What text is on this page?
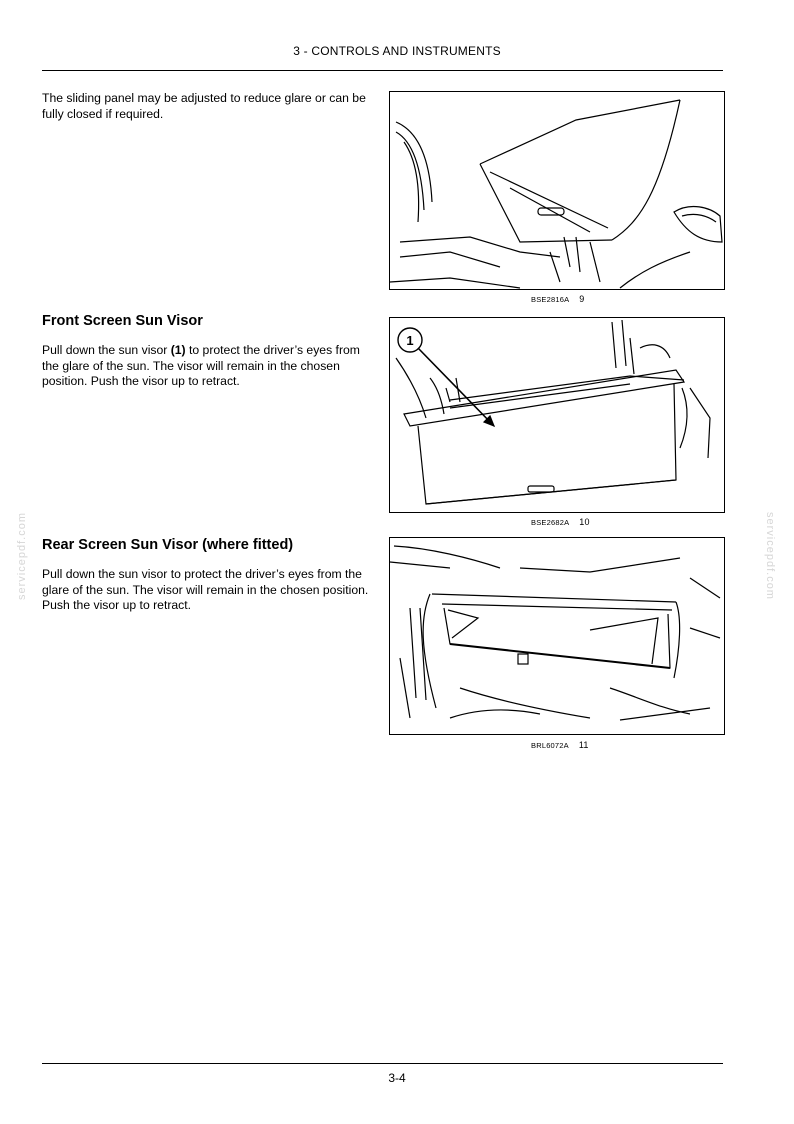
3 - CONTROLS AND INSTRUMENTS

The sliding panel may be adjusted to reduce glare or can be fully closed if required.

BSE2816A 9
Front Screen Sun Visor

Pull down the sun visor (1) to protect the driver’s eyes from the glare of the sun. The visor will remain in the chosen position. Push the visor up to retract.

1
BSE2682A 10
Rear Screen Sun Visor (where fitted)

Pull down the sun visor to protect the driver’s eyes from the glare of the sun. The visor will remain in the chosen position. Push the visor up to retract.

BRL6072A 11
servicepdf.com	servicepdf.com
3-4
